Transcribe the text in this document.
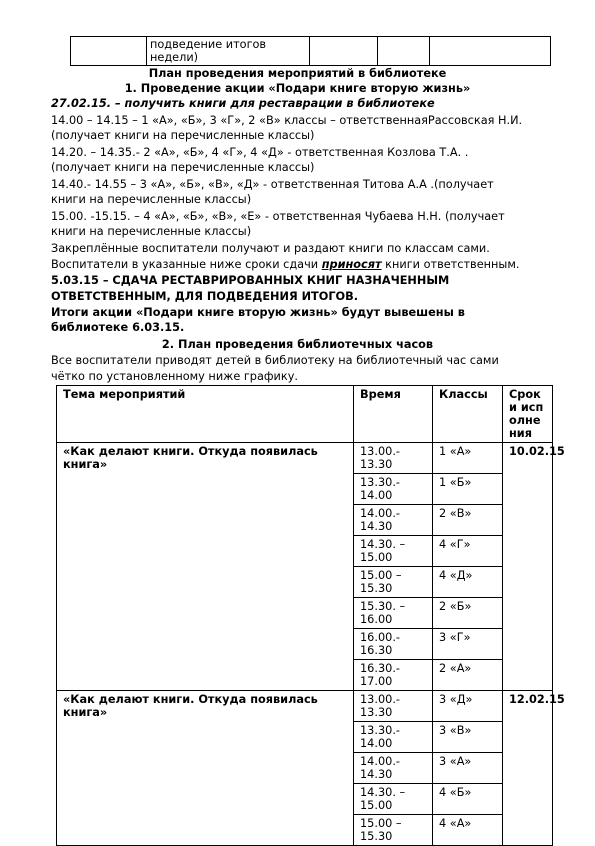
	подведение итогов недели)			
План проведения мероприятий в библиотеке
1. Проведение акции «Подари книге вторую жизнь»
27.02.15. – получить книги для реставрации в библиотеке
14.00 – 14.15 – 1 «А», «Б», 3 «Г», 2 «В» классы – ответственнаяРассовская Н.И.
(получает книги на перечисленные классы)
14.20. – 14.35.- 2 «А», «Б», 4 «Г», 4 «Д» - ответственная Козлова Т.А. .
(получает книги на перечисленные классы)
14.40.- 14.55 – 3 «А», «Б», «В», «Д» - ответственная Титова А.А .(получает
книги на перечисленные классы)
15.00. -15.15. – 4 «А», «Б», «В», «Е» - ответственная Чубаева Н.Н. (получает
книги на перечисленные классы)
Закреплённые воспитатели получают и раздают книги по классам сами.
Воспитатели в указанные ниже сроки сдачи приносят книги ответственным.
5.03.15 – СДАЧА РЕСТАВРИРОВАННЫХ КНИГ НАЗНАЧЕННЫМ
ОТВЕТСТВЕННЫМ, ДЛЯ ПОДВЕДЕНИЯ ИТОГОВ.
Итоги акции «Подари книге вторую жизнь» будут вывешены в
библиотеке 6.03.15.
2. План проведения библиотечных часов
Все воспитатели приводят детей в библиотеку на библиотечный час сами
чётко по установленному ниже графику.
Тема мероприятий	Время	Классы	Сроки исполнения
«Как делают книги. Откуда появилась книга»	13.00.- 13.30	1 «А»	10.02.15
	13.30.- 14.00	1 «Б»	
	14.00.- 14.30	2 «В»	
	14.30. – 15.00	4 «Г»	
	15.00 – 15.30	4 «Д»	
	15.30. – 16.00	2 «Б»	
	16.00.- 16.30	3 «Г»	
	16.30.- 17.00	2 «А»	
«Как делают книги. Откуда появилась книга»	13.00.- 13.30	3 «Д»	12.02.15
	13.30.- 14.00	3 «В»	
	14.00.- 14.30	3 «А»	
	14.30. – 15.00	4 «Б»	
	15.00 – 15.30	4 «А»	
